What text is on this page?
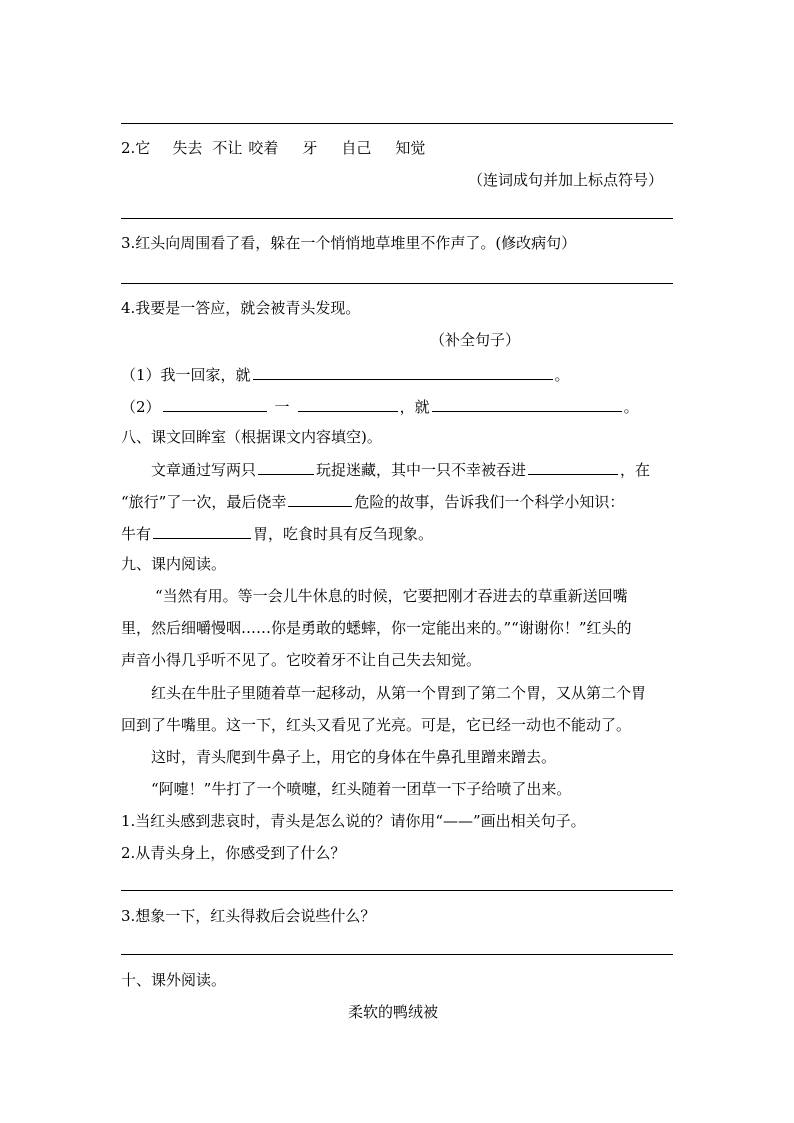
2.它 失去 不让 咬着 牙 自己 知觉
（连词成句并加上标点符号）
3.红头向周围看了看，躲在一个悄悄地草堆里不作声了。(修改病句）
4.我要是一答应，就会被青头发现。
（补全句子）
（1）我一回家，就	。
（2）	一	，就	。
八、课文回眸室（根据课文内容填空)。
文章通过写两只	玩捉迷藏，其中一只不幸被吞进	，在
“旅行”了一次，最后侥幸	危险的故事，告诉我们一个科学小知识：
牛有	胃，吃食时具有反刍现象。
九、课内阅读。
“当然有用。等一会儿牛休息的时候，它要把刚才吞进去的草重新送回嘴
里，然后细嚼慢咽……你是勇敢的蟋蟀，你一定能出来的。”“谢谢你！”红头的
声音小得几乎听不见了。它咬着牙不让自己失去知觉。
红头在牛肚子里随着草一起移动，从第一个胃到了第二个胃，又从第二个胃
回到了牛嘴里。这一下，红头又看见了光亮。可是，它已经一动也不能动了。
这时，青头爬到牛鼻子上，用它的身体在牛鼻孔里蹭来蹭去。
“阿嚏！”牛打了一个喷嚏，红头随着一团草一下子给喷了出来。
1.当红头感到悲哀时，青头是怎么说的？请你用“——”画出相关句子。
2.从青头身上，你感受到了什么？
3.想象一下，红头得救后会说些什么？
十、课外阅读。
柔软的鸭绒被
